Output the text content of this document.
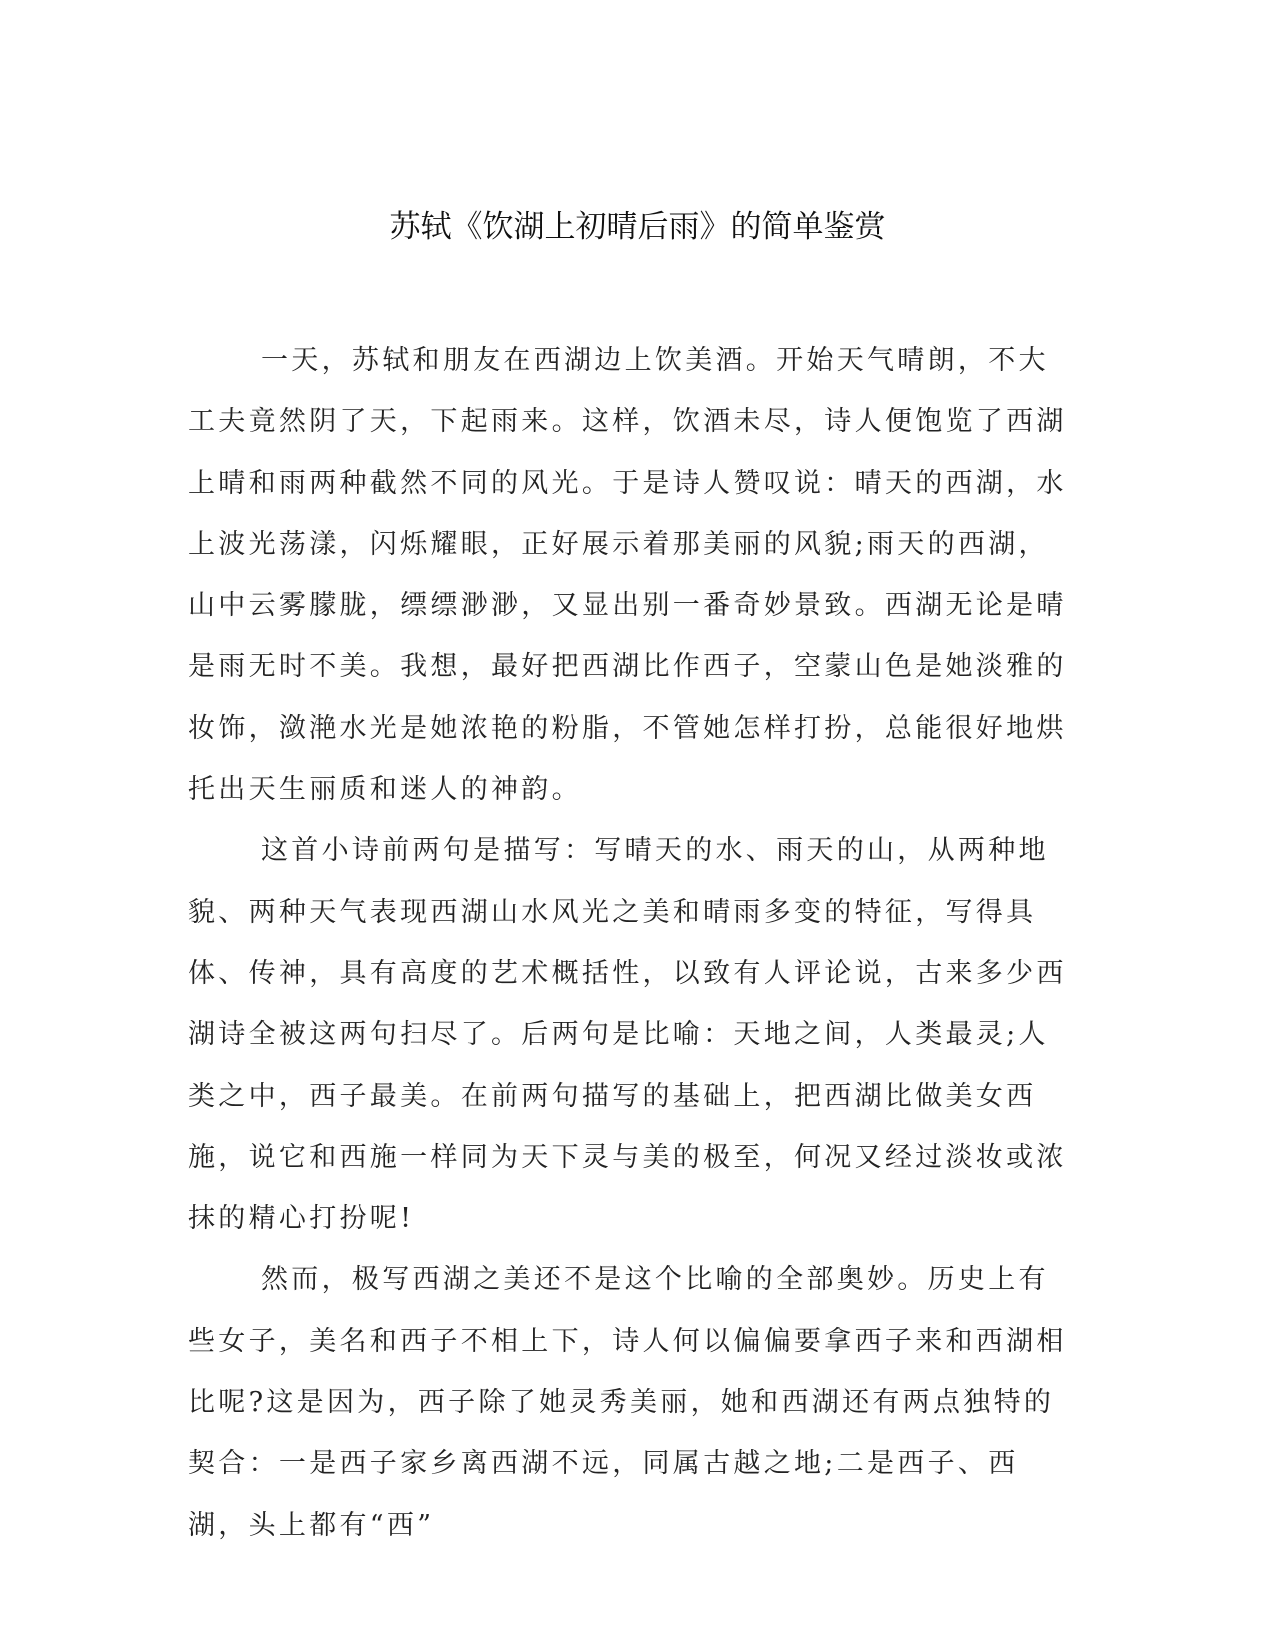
苏轼《饮湖上初晴后雨》的简单鉴赏

一天，苏轼和朋友在西湖边上饮美酒。开始天气晴朗，不大工夫竟然阴了天，下起雨来。这样，饮酒未尽，诗人便饱览了西湖上晴和雨两种截然不同的风光。于是诗人赞叹说：晴天的西湖，水上波光荡漾，闪烁耀眼，正好展示着那美丽的风貌;雨天的西湖，山中云雾朦胧，缥缥渺渺，又显出别一番奇妙景致。西湖无论是晴是雨无时不美。我想，最好把西湖比作西子，空蒙山色是她淡雅的妆饰，潋滟水光是她浓艳的粉脂，不管她怎样打扮，总能很好地烘托出天生丽质和迷人的神韵。

这首小诗前两句是描写：写晴天的水、雨天的山，从两种地貌、两种天气表现西湖山水风光之美和晴雨多变的特征，写得具体、传神，具有高度的艺术概括性，以致有人评论说，古来多少西湖诗全被这两句扫尽了。后两句是比喻：天地之间，人类最灵;人类之中，西子最美。在前两句描写的基础上，把西湖比做美女西施，说它和西施一样同为天下灵与美的极至，何况又经过淡妆或浓抹的精心打扮呢!

然而，极写西湖之美还不是这个比喻的全部奥妙。历史上有些女子，美名和西子不相上下，诗人何以偏偏要拿西子来和西湖相比呢?这是因为，西子除了她灵秀美丽，她和西湖还有两点独特的契合：一是西子家乡离西湖不远，同属古越之地;二是西子、西湖，头上都有“西”
